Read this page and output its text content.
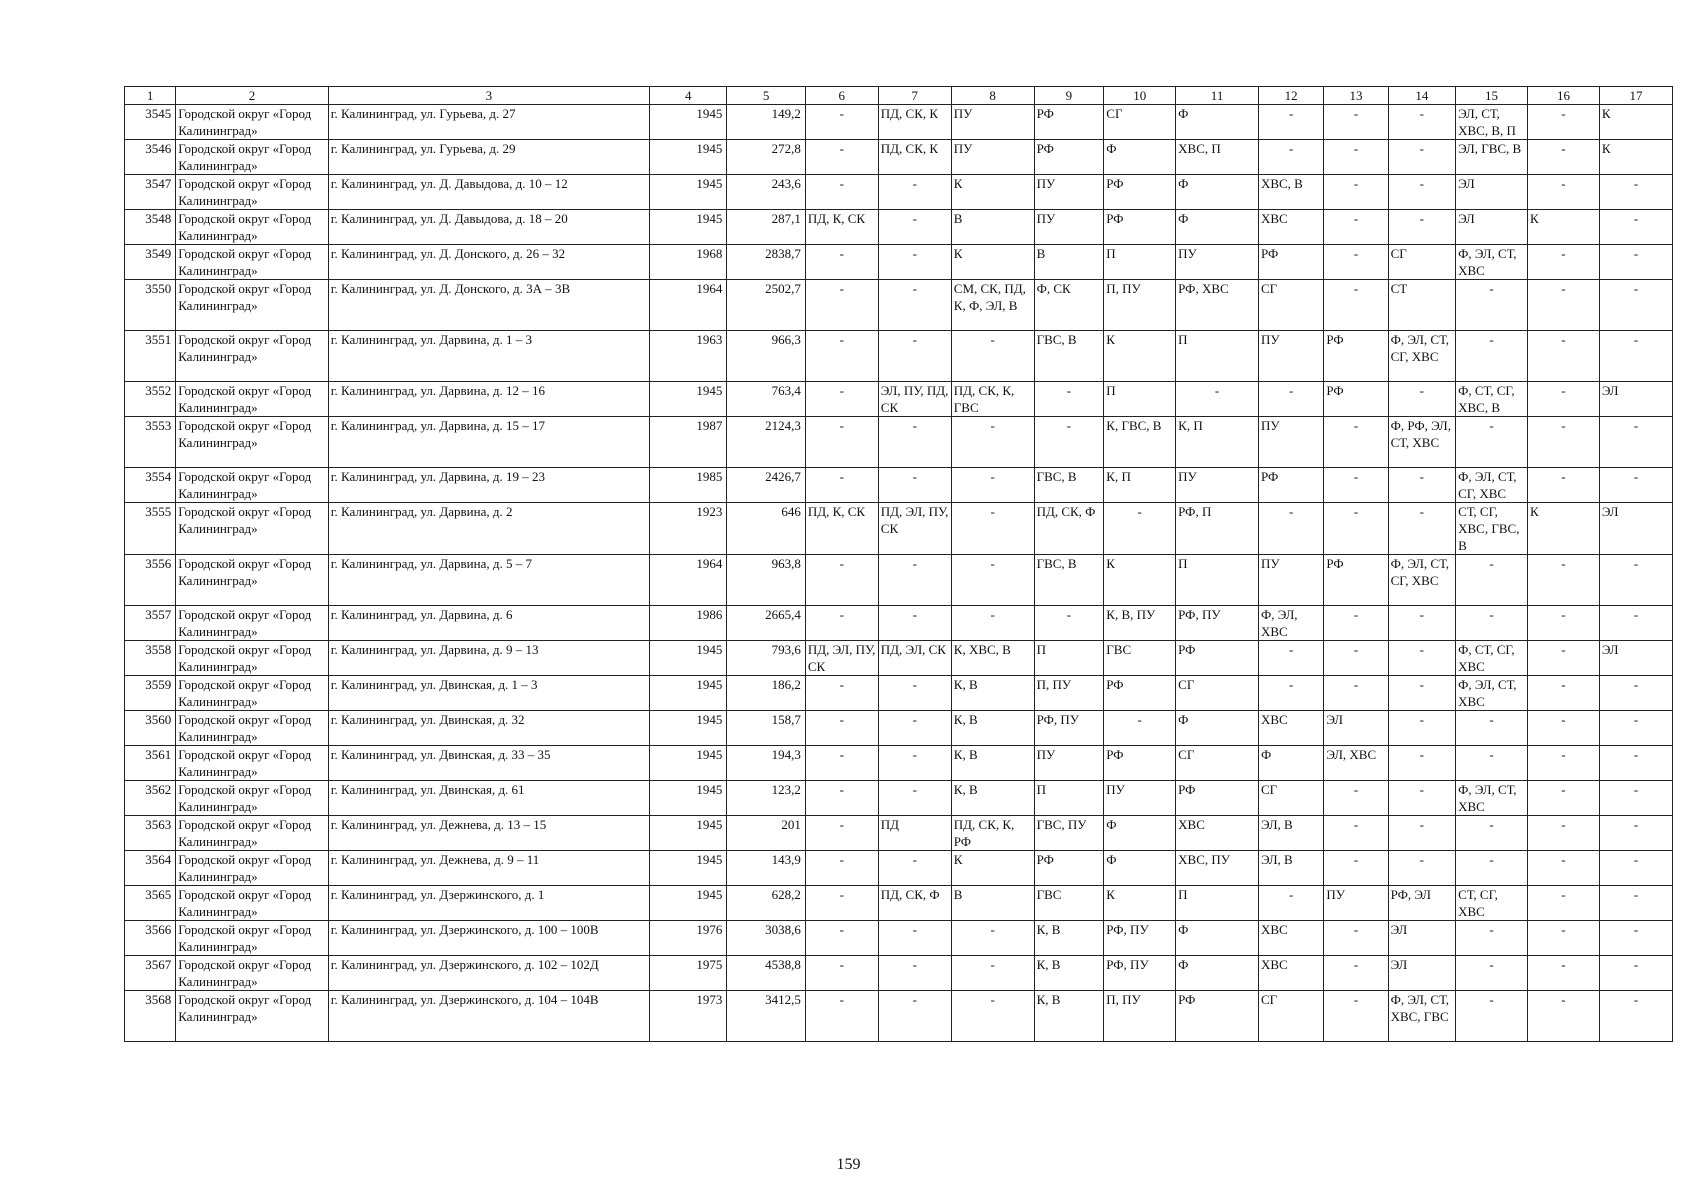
1	2	3	4	5	6	7	8	9	10	11	12	13	14	15	16	17
3545	Городской округ «Город Калининград»	г. Калининград, ул. Гурьева, д. 27	1945	149,2	-	ПД, СК, К	ПУ	РФ	СГ	Ф	-	-	-	ЭЛ, СТ, ХВС, В, П	-	К
3546	Городской округ «Город Калининград»	г. Калининград, ул. Гурьева, д. 29	1945	272,8	-	ПД, СК, К	ПУ	РФ	Ф	ХВС, П	-	-	-	ЭЛ, ГВС, В	-	К
3547	Городской округ «Город Калининград»	г. Калининград, ул. Д. Давыдова, д. 10 – 12	1945	243,6	-	-	К	ПУ	РФ	Ф	ХВС, В	-	-	ЭЛ	-	-
3548	Городской округ «Город Калининград»	г. Калининград, ул. Д. Давыдова, д. 18 – 20	1945	287,1	ПД, К, СК	-	В	ПУ	РФ	Ф	ХВС	-	-	ЭЛ	К	-
3549	Городской округ «Город Калининград»	г. Калининград, ул. Д. Донского, д. 26 – 32	1968	2838,7	-	-	К	В	П	ПУ	РФ	-	СГ	Ф, ЭЛ, СТ, ХВС	-	-
3550	Городской округ «Город Калининград»	г. Калининград, ул. Д. Донского, д. 3А – 3В	1964	2502,7	-	-	СМ, СК, ПД, К, Ф, ЭЛ, В	Ф, СК	П, ПУ	РФ, ХВС	СГ	-	СТ	-	-	-
3551	Городской округ «Город Калининград»	г. Калининград, ул. Дарвина, д. 1 – 3	1963	966,3	-	-	-	ГВС, В	К	П	ПУ	РФ	Ф, ЭЛ, СТ, СГ, ХВС	-	-	-
3552	Городской округ «Город Калининград»	г. Калининград, ул. Дарвина, д. 12 – 16	1945	763,4	-	ЭЛ, ПУ, ПД, СК	ПД, СК, К, ГВС	-	П	-	-	РФ	-	Ф, СТ, СГ, ХВС, В	-	ЭЛ
3553	Городской округ «Город Калининград»	г. Калининград, ул. Дарвина, д. 15 – 17	1987	2124,3	-	-	-	-	К, ГВС, В	К, П	ПУ	-	Ф, РФ, ЭЛ, СТ, ХВС	-	-	-
3554	Городской округ «Город Калининград»	г. Калининград, ул. Дарвина, д. 19 – 23	1985	2426,7	-	-	-	ГВС, В	К, П	ПУ	РФ	-	-	Ф, ЭЛ, СТ, СГ, ХВС	-	-
3555	Городской округ «Город Калининград»	г. Калининград, ул. Дарвина, д. 2	1923	646	ПД, К, СК	ПД, ЭЛ, ПУ, СК	-	ПД, СК, Ф	-	РФ, П	-	-	-	СТ, СГ, ХВС, ГВС, В	К	ЭЛ
3556	Городской округ «Город Калининград»	г. Калининград, ул. Дарвина, д. 5 – 7	1964	963,8	-	-	-	ГВС, В	К	П	ПУ	РФ	Ф, ЭЛ, СТ, СГ, ХВС	-	-	-
3557	Городской округ «Город Калининград»	г. Калининград, ул. Дарвина, д. 6	1986	2665,4	-	-	-	-	К, В, ПУ	РФ, ПУ	Ф, ЭЛ, ХВС	-	-	-	-	-
3558	Городской округ «Город Калининград»	г. Калининград, ул. Дарвина, д. 9 – 13	1945	793,6	ПД, ЭЛ, ПУ, СК	ПД, ЭЛ, СК	К, ХВС, В	П	ГВС	РФ	-	-	-	Ф, СТ, СГ, ХВС	-	ЭЛ
3559	Городской округ «Город Калининград»	г. Калининград, ул. Двинская, д. 1 – 3	1945	186,2	-	-	К, В	П, ПУ	РФ	СГ	-	-	-	Ф, ЭЛ, СТ, ХВС	-	-
3560	Городской округ «Город Калининград»	г. Калининград, ул. Двинская, д. 32	1945	158,7	-	-	К, В	РФ, ПУ	-	Ф	ХВС	ЭЛ	-	-	-	-
3561	Городской округ «Город Калининград»	г. Калининград, ул. Двинская, д. 33 – 35	1945	194,3	-	-	К, В	ПУ	РФ	СГ	Ф	ЭЛ, ХВС	-	-	-	-
3562	Городской округ «Город Калининград»	г. Калининград, ул. Двинская, д. 61	1945	123,2	-	-	К, В	П	ПУ	РФ	СГ	-	-	Ф, ЭЛ, СТ, ХВС	-	-
3563	Городской округ «Город Калининград»	г. Калининград, ул. Дежнева, д. 13 – 15	1945	201	-	ПД	ПД, СК, К, РФ	ГВС, ПУ	Ф	ХВС	ЭЛ, В	-	-	-	-	-
3564	Городской округ «Город Калининград»	г. Калининград, ул. Дежнева, д. 9 – 11	1945	143,9	-	-	К	РФ	Ф	ХВС, ПУ	ЭЛ, В	-	-	-	-	-
3565	Городской округ «Город Калининград»	г. Калининград, ул. Дзержинского, д. 1	1945	628,2	-	ПД, СК, Ф	В	ГВС	К	П	-	ПУ	РФ, ЭЛ	СТ, СГ, ХВС	-	-
3566	Городской округ «Город Калининград»	г. Калининград, ул. Дзержинского, д. 100 – 100В	1976	3038,6	-	-	-	К, В	РФ, ПУ	Ф	ХВС	-	ЭЛ	-	-	-
3567	Городской округ «Город Калининград»	г. Калининград, ул. Дзержинского, д. 102 – 102Д	1975	4538,8	-	-	-	К, В	РФ, ПУ	Ф	ХВС	-	ЭЛ	-	-	-
3568	Городской округ «Город Калининград»	г. Калининград, ул. Дзержинского, д. 104 – 104В	1973	3412,5	-	-	-	К, В	П, ПУ	РФ	СГ	-	Ф, ЭЛ, СТ, ХВС, ГВС	-	-	-
159
